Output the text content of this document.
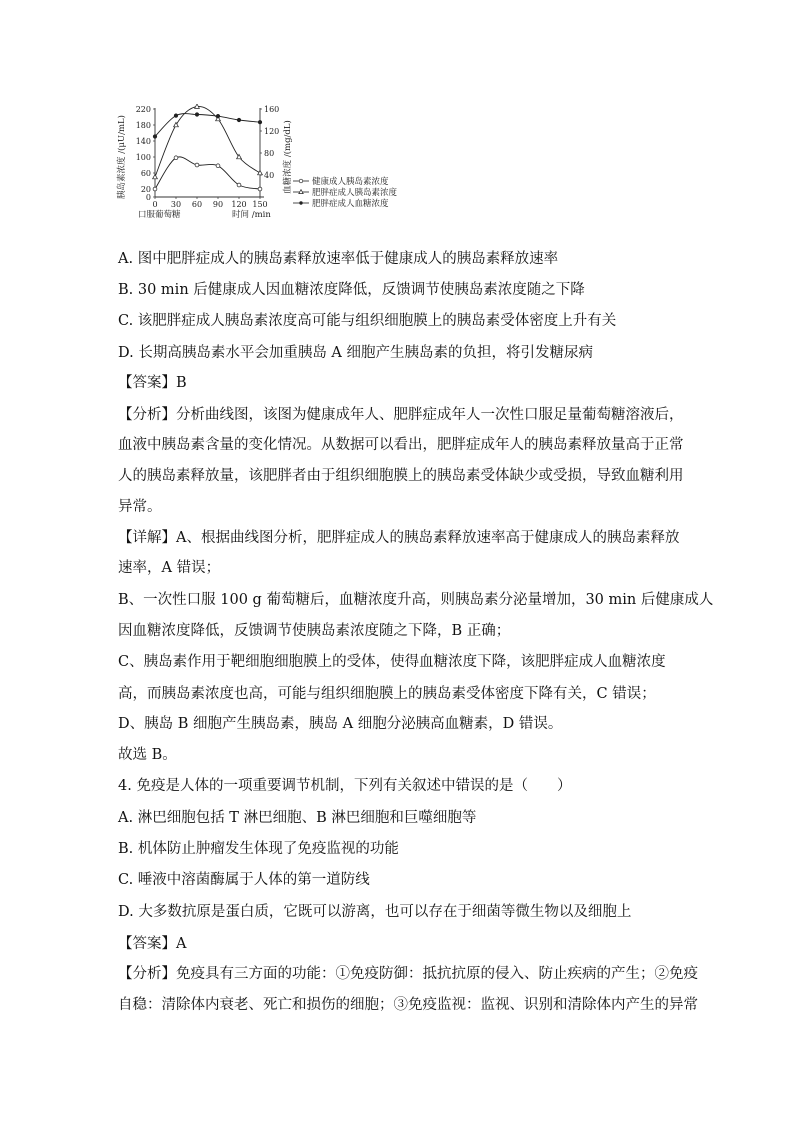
0
20
60
100
140
180
220
40
80
120
160
0 30 60 90 120 150
口服葡萄糖	时间 /min
胰岛素浓度 /(μU/mL)	血糖浓度 /(mg/dL) 健康成人胰岛素浓度
肥胖症成人胰岛素浓度
肥胖症成人血糖浓度
A. 图中肥胖症成人的胰岛素释放速率低于健康成人的胰岛素释放速率
B. 30 min 后健康成人因血糖浓度降低，反馈调节使胰岛素浓度随之下降
C. 该肥胖症成人胰岛素浓度高可能与组织细胞膜上的胰岛素受体密度上升有关
D. 长期高胰岛素水平会加重胰岛 A 细胞产生胰岛素的负担，将引发糖尿病
【答案】B
【分析】分析曲线图，该图为健康成年人、肥胖症成年人一次性口服足量葡萄糖溶液后，
血液中胰岛素含量的变化情况。从数据可以看出，肥胖症成年人的胰岛素释放量高于正常
人的胰岛素释放量，该肥胖者由于组织细胞膜上的胰岛素受体缺少或受损，导致血糖利用
异常。
【详解】A、根据曲线图分析，肥胖症成人的胰岛素释放速率高于健康成人的胰岛素释放
速率，A 错误；
B、一次性口服 100 g 葡萄糖后，血糖浓度升高，则胰岛素分泌量增加，30 min 后健康成人
因血糖浓度降低，反馈调节使胰岛素浓度随之下降，B 正确；
C、胰岛素作用于靶细胞细胞膜上的受体，使得血糖浓度下降，该肥胖症成人血糖浓度
高，而胰岛素浓度也高，可能与组织细胞膜上的胰岛素受体密度下降有关，C 错误；
D、胰岛 B 细胞产生胰岛素，胰岛 A 细胞分泌胰高血糖素，D 错误。
故选 B。
4. 免疫是人体的一项重要调节机制，下列有关叙述中错误的是（　　）
A. 淋巴细胞包括 T 淋巴细胞、B 淋巴细胞和巨噬细胞等
B. 机体防止肿瘤发生体现了免疫监视的功能
C. 唾液中溶菌酶属于人体的第一道防线
D. 大多数抗原是蛋白质，它既可以游离，也可以存在于细菌等微生物以及细胞上
【答案】A
【分析】免疫具有三方面的功能：①免疫防御：抵抗抗原的侵入、防止疾病的产生；②免疫
自稳：清除体内衰老、死亡和损伤的细胞；③免疫监视：监视、识别和清除体内产生的异常
